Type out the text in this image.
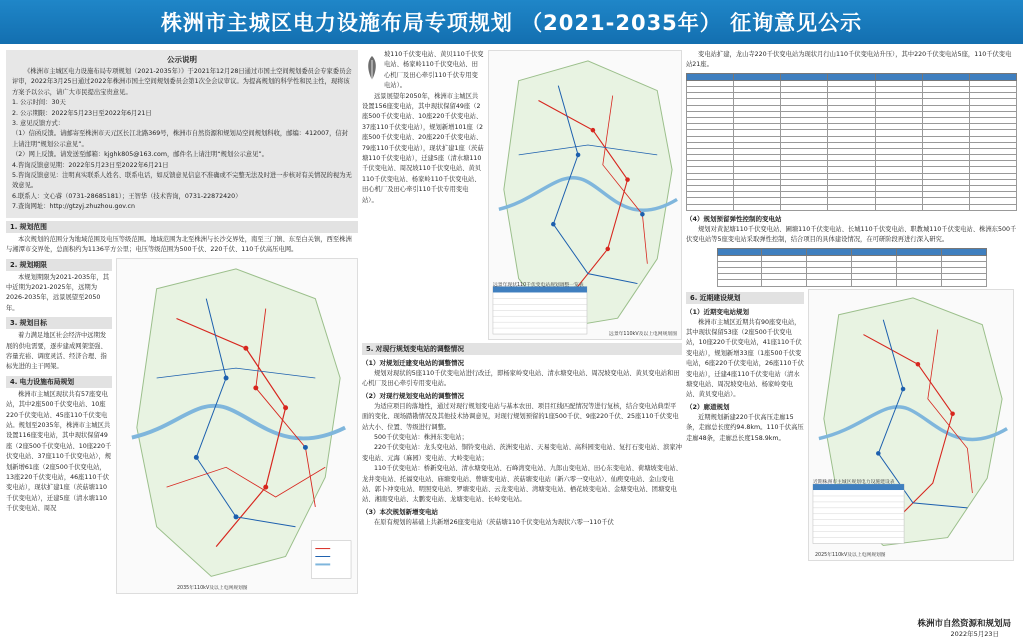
株洲市主城区电力设施布局专项规划 （2021-2035年） 征询意见公示
公示说明

《株洲市主城区电力设施布局专项规划（2021-2035年）》于2021年12月28日通过市国土空间规划委员会专家委员会评审，2022年3月25日通过2022年株洲市国土空间规划委员会第1次全会议审议。为提高规划的科学性和民主性，现将该方案予以公示，请广大市民提出宝贵意见。

1. 公示时间：30天
2. 公示期限：2022年5月23日至2022年6月21日
3. 意见反馈方式：

（1）信函反馈。请邮寄至株洲市天元区长江北路369号，株洲市自然资源和规划局空间规划科收，邮编：412007，信封上请注明“规划公示意见”。

（2）网上反馈。请发送至邮箱：kjghk805@163.com，邮件名上请注明“规划公示意见”。
4.咨询反馈意见期：2022年5月23日至2022年6月21日

5.咨询反馈意见：注明真实联系人姓名、联系电话，如反馈意见信息不准确或不完整无法及时进一步核对有关情况的视为无效意见。

6.联系人：文心睿（0731-28685181）；王智华（技术咨询，0731-22872420）
7.查询网址：http://gtzyj.zhuzhou.gov.cn
1. 规划范围

本次规划的范围分为地域范围及电压等级范围。地域范围为北至株洲与长沙交界处，南至三门镇、东至白关镇，西至株洲与湘潭市交界处，总面积约为1136平方公里；电压等级范围为500千伏、220千伏、110千伏高压电网。

2. 规划期限

本规划期限为2021-2035年，其中近期为2021-2025年，远期为2026-2035年，远景展望至2050年。

3. 规划目标

着力满足地区社会经济中远期发展的供电需要，逐步建成网架坚强、容量充裕、调度灵活、经济合理、指标先进的主干网架。

4. 电力设施布局规划

株洲市主城区现状共有57座变电站，其中2座500千伏变电站、10座220千伏变电站、45座110千伏变电站。规划至2035年，株洲市主城区共设置116座变电站，其中现状保留49座（2座500千伏变电站、10座220千伏变电站、37座110千伏变电站），规划新增61座（2座500千伏变电站，13座220千伏变电站，46座110千伏变电站），现状扩建1座（茨菇塘110千伏变电站），迁建5座（清水塘110千伏变电站、周况

2035年110kV及以上电网规划图

坡110千伏变电站、黄贝110千伏变电站、杨家岭110千伏变电站、田心机厂及田心牵引110千伏专用变电站）。

远景展望年2050年，株洲市主城区共设置156座变电站，其中现状保留49座（2座500千伏变电站、10座220千伏变电站、37座110千伏变电站），规划新增101座（2座500千伏变电站、20座220千伏变电站、79座110千伏变电站），现状扩建1座（茨菇塘110千伏变电站），迁建5座（清水塘110千伏变电站、周况坡110千伏变电站、黄贝110千伏变电站、杨家岭110千伏变电站、田心机厂及田心牵引110千伏专用变电站）。

远景年现状110千伏变电站规划调整一览表
远景年110kV及以上电网规划图
5. 对现行规划变电站的调整情况
（1）对规划迁建变电站的调整情况

规划对现状的5座110千伏变电站进行改迁，即杨家岭变电站、清水塘变电站、周况坡变电站、黄贝变电站和田心机厂及田心牵引专用变电站。

（2）对现行规划变电站的调整情况

为适应项目的落地性，通过对现行规划变电站与基本农田、项目红线匹配情况等进行复核，结合变电站典型平面的变化、现场踏勘情况及其他技术协调意见，对现行规划预留的1座500千伏、9座220千伏、25座110千伏变电站大小、位置、等级进行调整。

500千伏变电站：株洲东变电站；

220千伏变电站：龙头变电站、铜铃变电站、茨洲变电站、天易变电站、高科园变电站、复打石变电站、滨家冲变电站、元海（麻园）变电站、大岭变电站；

110千伏变电站：桥新变电站、清水塘变电站、石峰湾变电站、九郎山变电站、田心东变电站、荷塘坡变电站、龙井变电站、托福变电站、庙塘变电站、曾塘变电站、茨菇塘变电站（新六零一变电站）、仙庾变电站、金山变电站、郭卜冲变电站、明照变电站、罗塘变电站、云龙变电站、湾塘变电站、栖花坡变电站、金塘变电站、团塘变电站、湘南变电站、太鹏变电站、龙塘变电站、长岭变电站。

（3）本次规划新增变电站

在原有规划的基础上共新增26座变电站（茨菇塘110千伏变电站为现状六零一110千伏

变电站扩建，龙山寺220千伏变电站为现状月行山110千伏变电站升压），其中220千伏变电站5座，110千伏变电站21座。

（4）规划预留弹性控制的变电站

规划对黄泥塘110千伏变电站、圃塘110千伏变电站、长城110千伏变电站、职教城110千伏变电站、株洲东500千伏变电站等5座变电站采取弹性控制，结合项目的具体建设情况，在可研阶段再进行深入研究。

6. 近期建设规划
（1）近期变电站规划

株洲市主城区近期共有90座变电站，其中现状保留53座（2座500千伏变电站，10座220千伏变电站，41座110千伏变电站），规划新增33座（1座500千伏变电站，6座220千伏变电站，26座110千伏变电站），迁建4座110千伏变电站（清水塘变电站、周况坡变电站、杨家岭变电站、黄贝变电站）。

（2）廊道规划

近期规划新建220千伏高压走廊15条，走廊总长度约94.8km。110千伏高压走廊48条，走廊总长度158.9km。

近期株洲市主城区规划电力设施建设表
2025年110kV及以上电网规划图
株洲市自然资源和规划局
2022年5月23日
